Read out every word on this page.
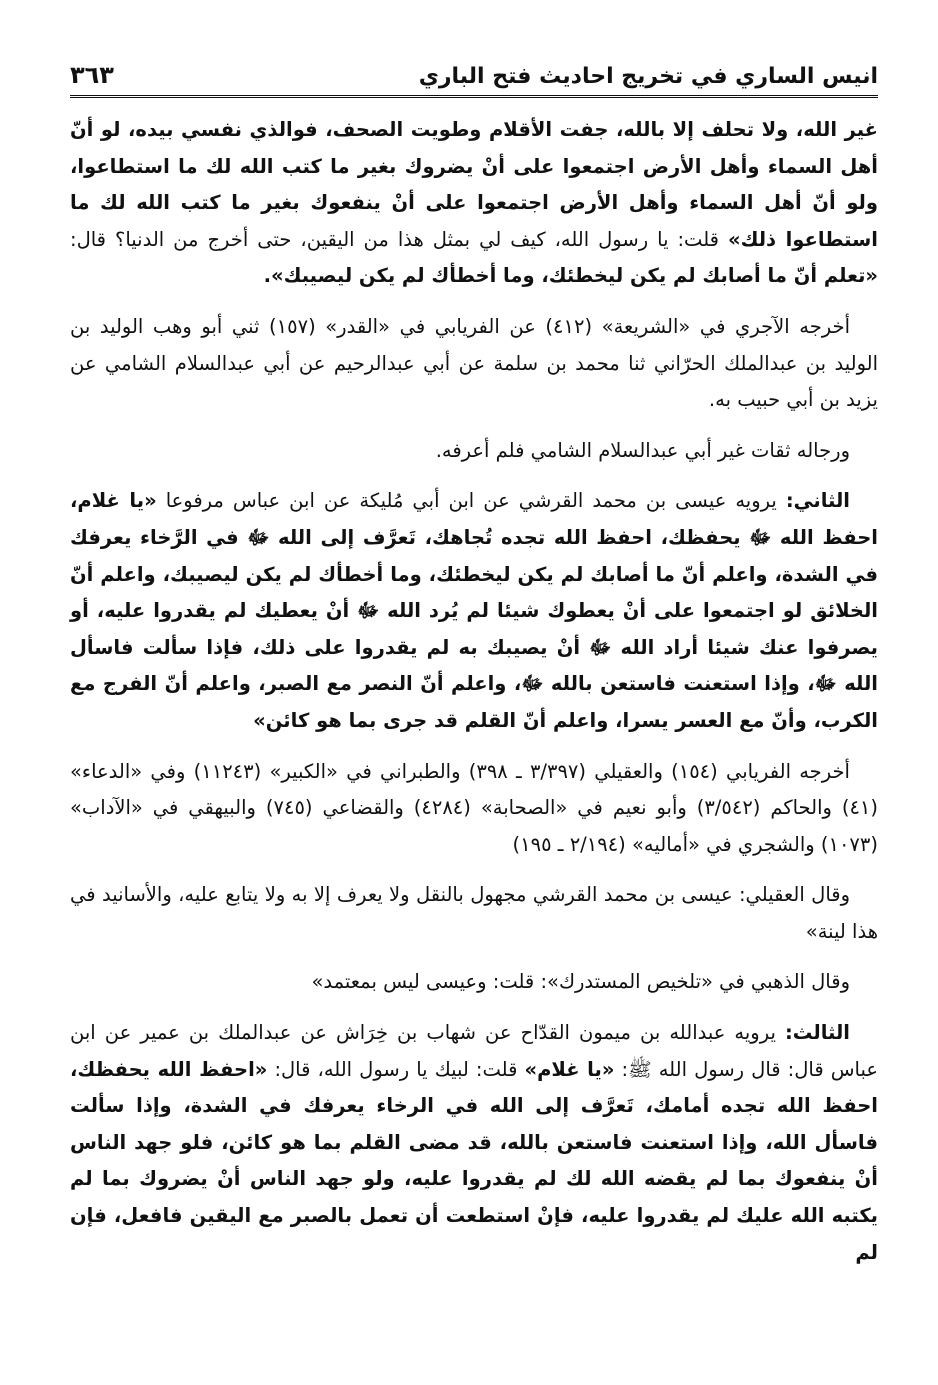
انيس الساري في تخريج احاديث فتح الباري
٣٦٣

غير الله، ولا تحلف إلا بالله، جفت الأقلام وطويت الصحف، فوالذي نفسي بيده، لو أنّ أهل السماء وأهل الأرض اجتمعوا على أنْ يضروك بغير ما كتب الله لك ما استطاعوا، ولو أنّ أهل السماء وأهل الأرض اجتمعوا على أنْ ينفعوك بغير ما كتب الله لك ما استطاعوا ذلك» قلت: يا رسول الله، كيف لي بمثل هذا من اليقين، حتى أخرج من الدنيا؟ قال: «تعلم أنّ ما أصابك لم يكن ليخطئك، وما أخطأك لم يكن ليصيبك».

أخرجه الآجري في «الشريعة» (٤١٢) عن الفريابي في «القدر» (١٥٧) ثني أبو وهب الوليد بن الوليد بن عبدالملك الحرّاني ثنا محمد بن سلمة عن أبي عبدالرحيم عن أبي عبدالسلام الشامي عن يزيد بن أبي حبيب به.

ورجاله ثقات غير أبي عبدالسلام الشامي فلم أعرفه.

الثاني: يرويه عيسى بن محمد القرشي عن ابن أبي مُليكة عن ابن عباس مرفوعا «يا غلام، احفظ الله ﷻ يحفظك، احفظ الله تجده تُجاهك، تَعرَّف إلى الله ﷻ في الرَّخاء يعرفك في الشدة، واعلم أنّ ما أصابك لم يكن ليخطئك، وما أخطأك لم يكن ليصيبك، واعلم أنّ الخلائق لو اجتمعوا على أنْ يعطوك شيئا لم يُرد الله ﷻ أنْ يعطيك لم يقدروا عليه، أو يصرفوا عنك شيئا أراد الله ﷻ أنْ يصيبك به لم يقدروا على ذلك، فإذا سألت فاسأل الله ﷻ، وإذا استعنت فاستعن بالله ﷻ، واعلم أنّ النصر مع الصبر، واعلم أنّ الفرج مع الكرب، وأنّ مع العسر يسرا، واعلم أنّ القلم قد جرى بما هو كائن»

أخرجه الفريابي (١٥٤) والعقيلي (٣/٣٩٧ ـ ٣٩٨) والطبراني في «الكبير» (١١٢٤٣) وفي «الدعاء» (٤١) والحاكم (٣/٥٤٢) وأبو نعيم في «الصحابة» (٤٢٨٤) والقضاعي (٧٤٥) والبيهقي في «الآداب» (١٠٧٣) والشجري في «أماليه» (٢/١٩٤ ـ ١٩٥)

وقال العقيلي: عيسى بن محمد القرشي مجهول بالنقل ولا يعرف إلا به ولا يتابع عليه، والأسانيد في هذا لينة»

وقال الذهبي في «تلخيص المستدرك»: قلت: وعيسى ليس بمعتمد»

الثالث: يرويه عبدالله بن ميمون القدّاح عن شهاب بن خِرَاش عن عبدالملك بن عمير عن ابن عباس قال: قال رسول الله ﷺ: «يا غلام» قلت: لبيك يا رسول الله، قال: «احفظ الله يحفظك، احفظ الله تجده أمامك، تَعرَّف إلى الله في الرخاء يعرفك في الشدة، وإذا سألت فاسأل الله، وإذا استعنت فاستعن بالله، قد مضى القلم بما هو كائن، فلو جهد الناس أنْ ينفعوك بما لم يقضه الله لك لم يقدروا عليه، ولو جهد الناس أنْ يضروك بما لم يكتبه الله عليك لم يقدروا عليه، فإنْ استطعت أن تعمل بالصبر مع اليقين فافعل، فإن لم
